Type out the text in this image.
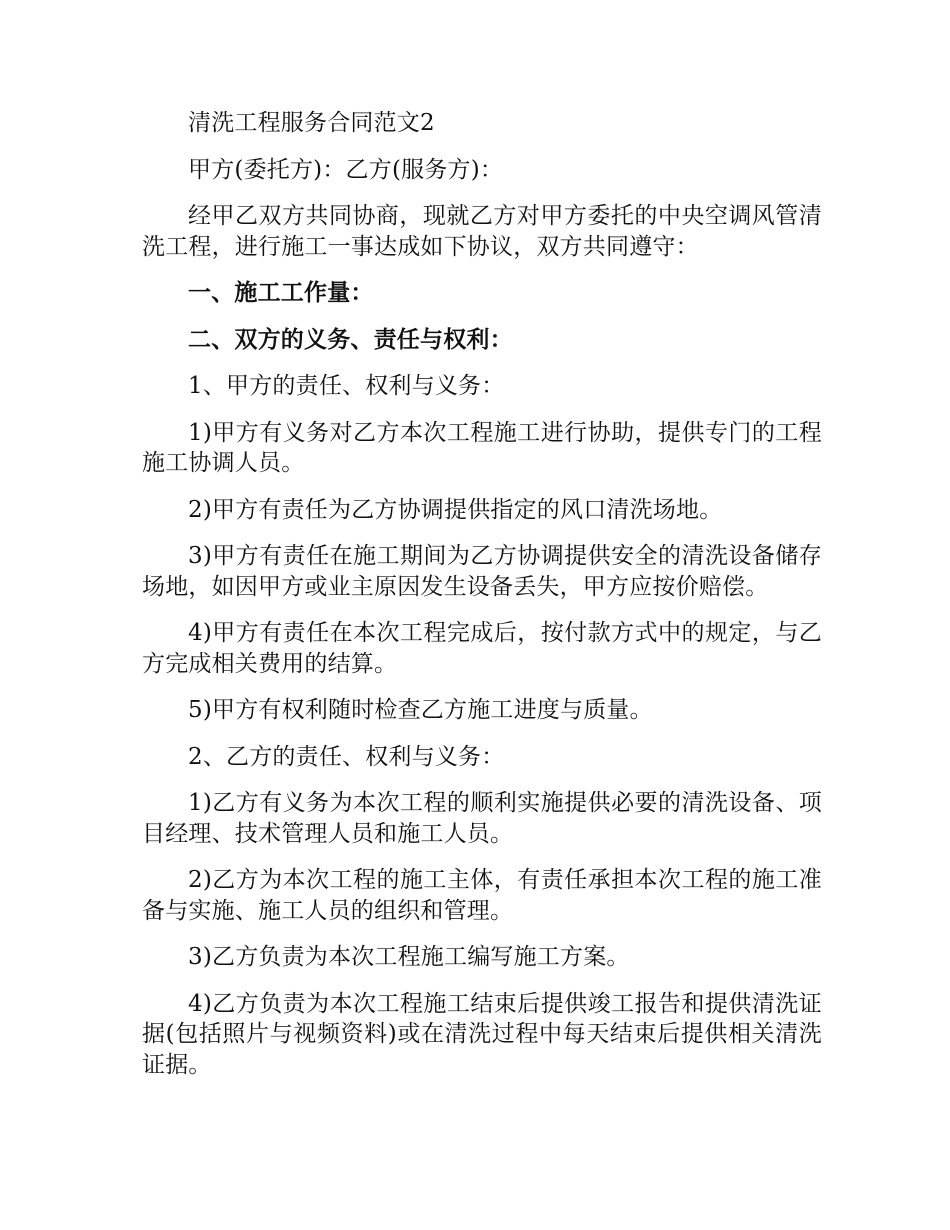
清洗工程服务合同范文2

甲方(委托方)：乙方(服务方)：

经甲乙双方共同协商，现就乙方对甲方委托的中央空调风管清洗工程，进行施工一事达成如下协议，双方共同遵守：

一、施工工作量：

二、双方的义务、责任与权利：

1、甲方的责任、权利与义务：

1)甲方有义务对乙方本次工程施工进行协助，提供专门的工程施工协调人员。

2)甲方有责任为乙方协调提供指定的风口清洗场地。

3)甲方有责任在施工期间为乙方协调提供安全的清洗设备储存场地，如因甲方或业主原因发生设备丢失，甲方应按价赔偿。

4)甲方有责任在本次工程完成后，按付款方式中的规定，与乙方完成相关费用的结算。

5)甲方有权利随时检查乙方施工进度与质量。

2、乙方的责任、权利与义务：

1)乙方有义务为本次工程的顺利实施提供必要的清洗设备、项目经理、技术管理人员和施工人员。

2)乙方为本次工程的施工主体，有责任承担本次工程的施工准备与实施、施工人员的组织和管理。

3)乙方负责为本次工程施工编写施工方案。

4)乙方负责为本次工程施工结束后提供竣工报告和提供清洗证据(包括照片与视频资料)或在清洗过程中每天结束后提供相关清洗证据。
